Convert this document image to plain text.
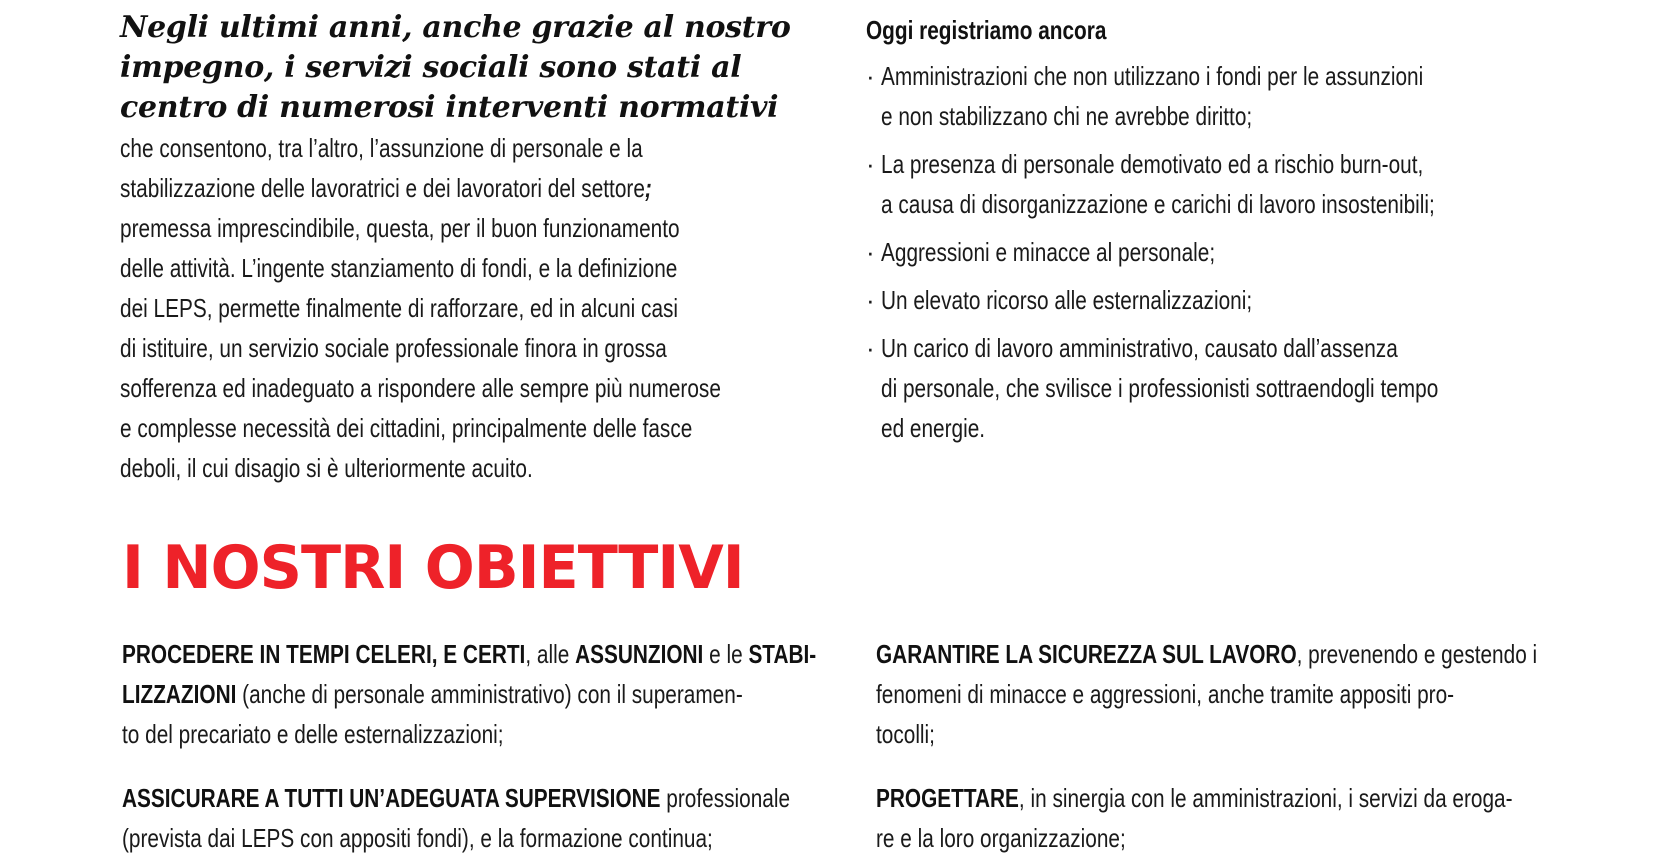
Negli ultimi anni, anche grazie al nostro
impegno, i servizi sociali sono stati al
centro di numerosi interventi normativi
che consentono, tra l’altro, l’assunzione di personale e la
stabilizzazione delle lavoratrici e dei lavoratori del settore;
premessa imprescindibile, questa, per il buon funzionamento
delle attività. L’ingente stanziamento di fondi, e la definizione
dei LEPS, permette finalmente di rafforzare, ed in alcuni casi
di istituire, un servizio sociale professionale finora in grossa
sofferenza ed inadeguato a rispondere alle sempre più numerose
e complesse necessità dei cittadini, principalmente delle fasce
deboli, il cui disagio si è ulteriormente acuito.
Oggi registriamo ancora
· Amministrazioni che non utilizzano i fondi per le assunzioni
e non stabilizzano chi ne avrebbe diritto;
· La presenza di personale demotivato ed a rischio burn-out,
a causa di disorganizzazione e carichi di lavoro insostenibili;
· Aggressioni e minacce al personale;
· Un elevato ricorso alle esternalizzazioni;
· Un carico di lavoro amministrativo, causato dall’assenza
di personale, che svilisce i professionisti sottraendogli tempo
ed energie.
I NOSTRI OBIETTIVI
PROCEDERE IN TEMPI CELERI, E CERTI, alle ASSUNZIONI e le STABI-
LIZZAZIONI (anche di personale amministrativo) con il superamen-
to del precariato e delle esternalizzazioni;
GARANTIRE LA SICUREZZA SUL LAVORO, prevenendo e gestendo i
fenomeni di minacce e aggressioni, anche tramite appositi pro-
tocolli;
ASSICURARE A TUTTI UN’ADEGUATA SUPERVISIONE professionale
(prevista dai LEPS con appositi fondi), e la formazione continua;
PROGETTARE, in sinergia con le amministrazioni, i servizi da eroga-
re e la loro organizzazione;
